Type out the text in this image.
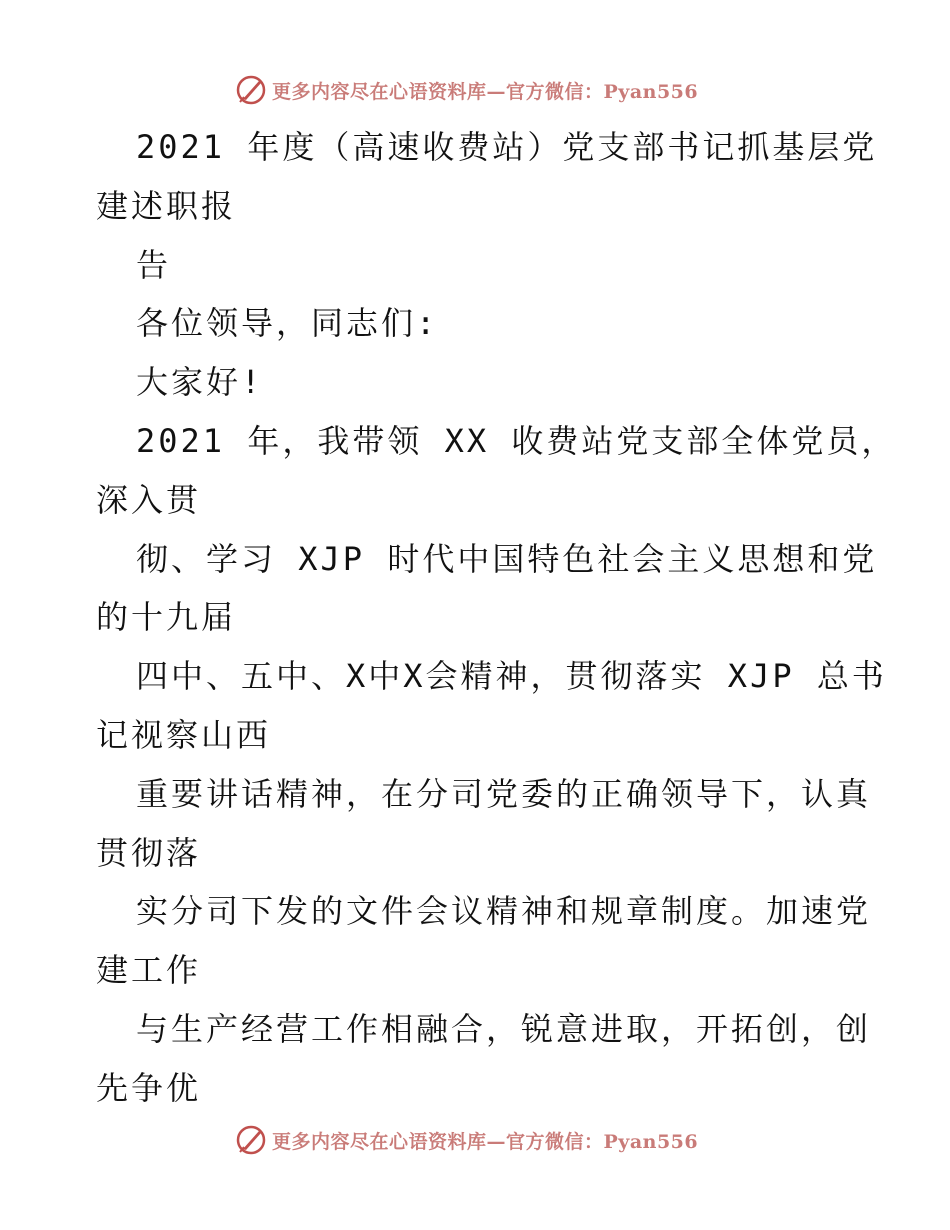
更多内容尽在心语资料库—官方微信：Pyan556
2021 年度（高速收费站）党支部书记抓基层党
建述职报
告
各位领导，同志们:
大家好!
2021 年，我带领 XX 收费站党支部全体党员，
深入贯
彻、学习 XJP 时代中国特色社会主义思想和党
的十九届
四中、五中、X中X会精神，贯彻落实 XJP 总书
记视察山西
重要讲话精神，在分司党委的正确领导下，认真
贯彻落
实分司下发的文件会议精神和规章制度。加速党
建工作
与生产经营工作相融合，锐意进取，开拓创，创
先争优
更多内容尽在心语资料库—官方微信：Pyan556
